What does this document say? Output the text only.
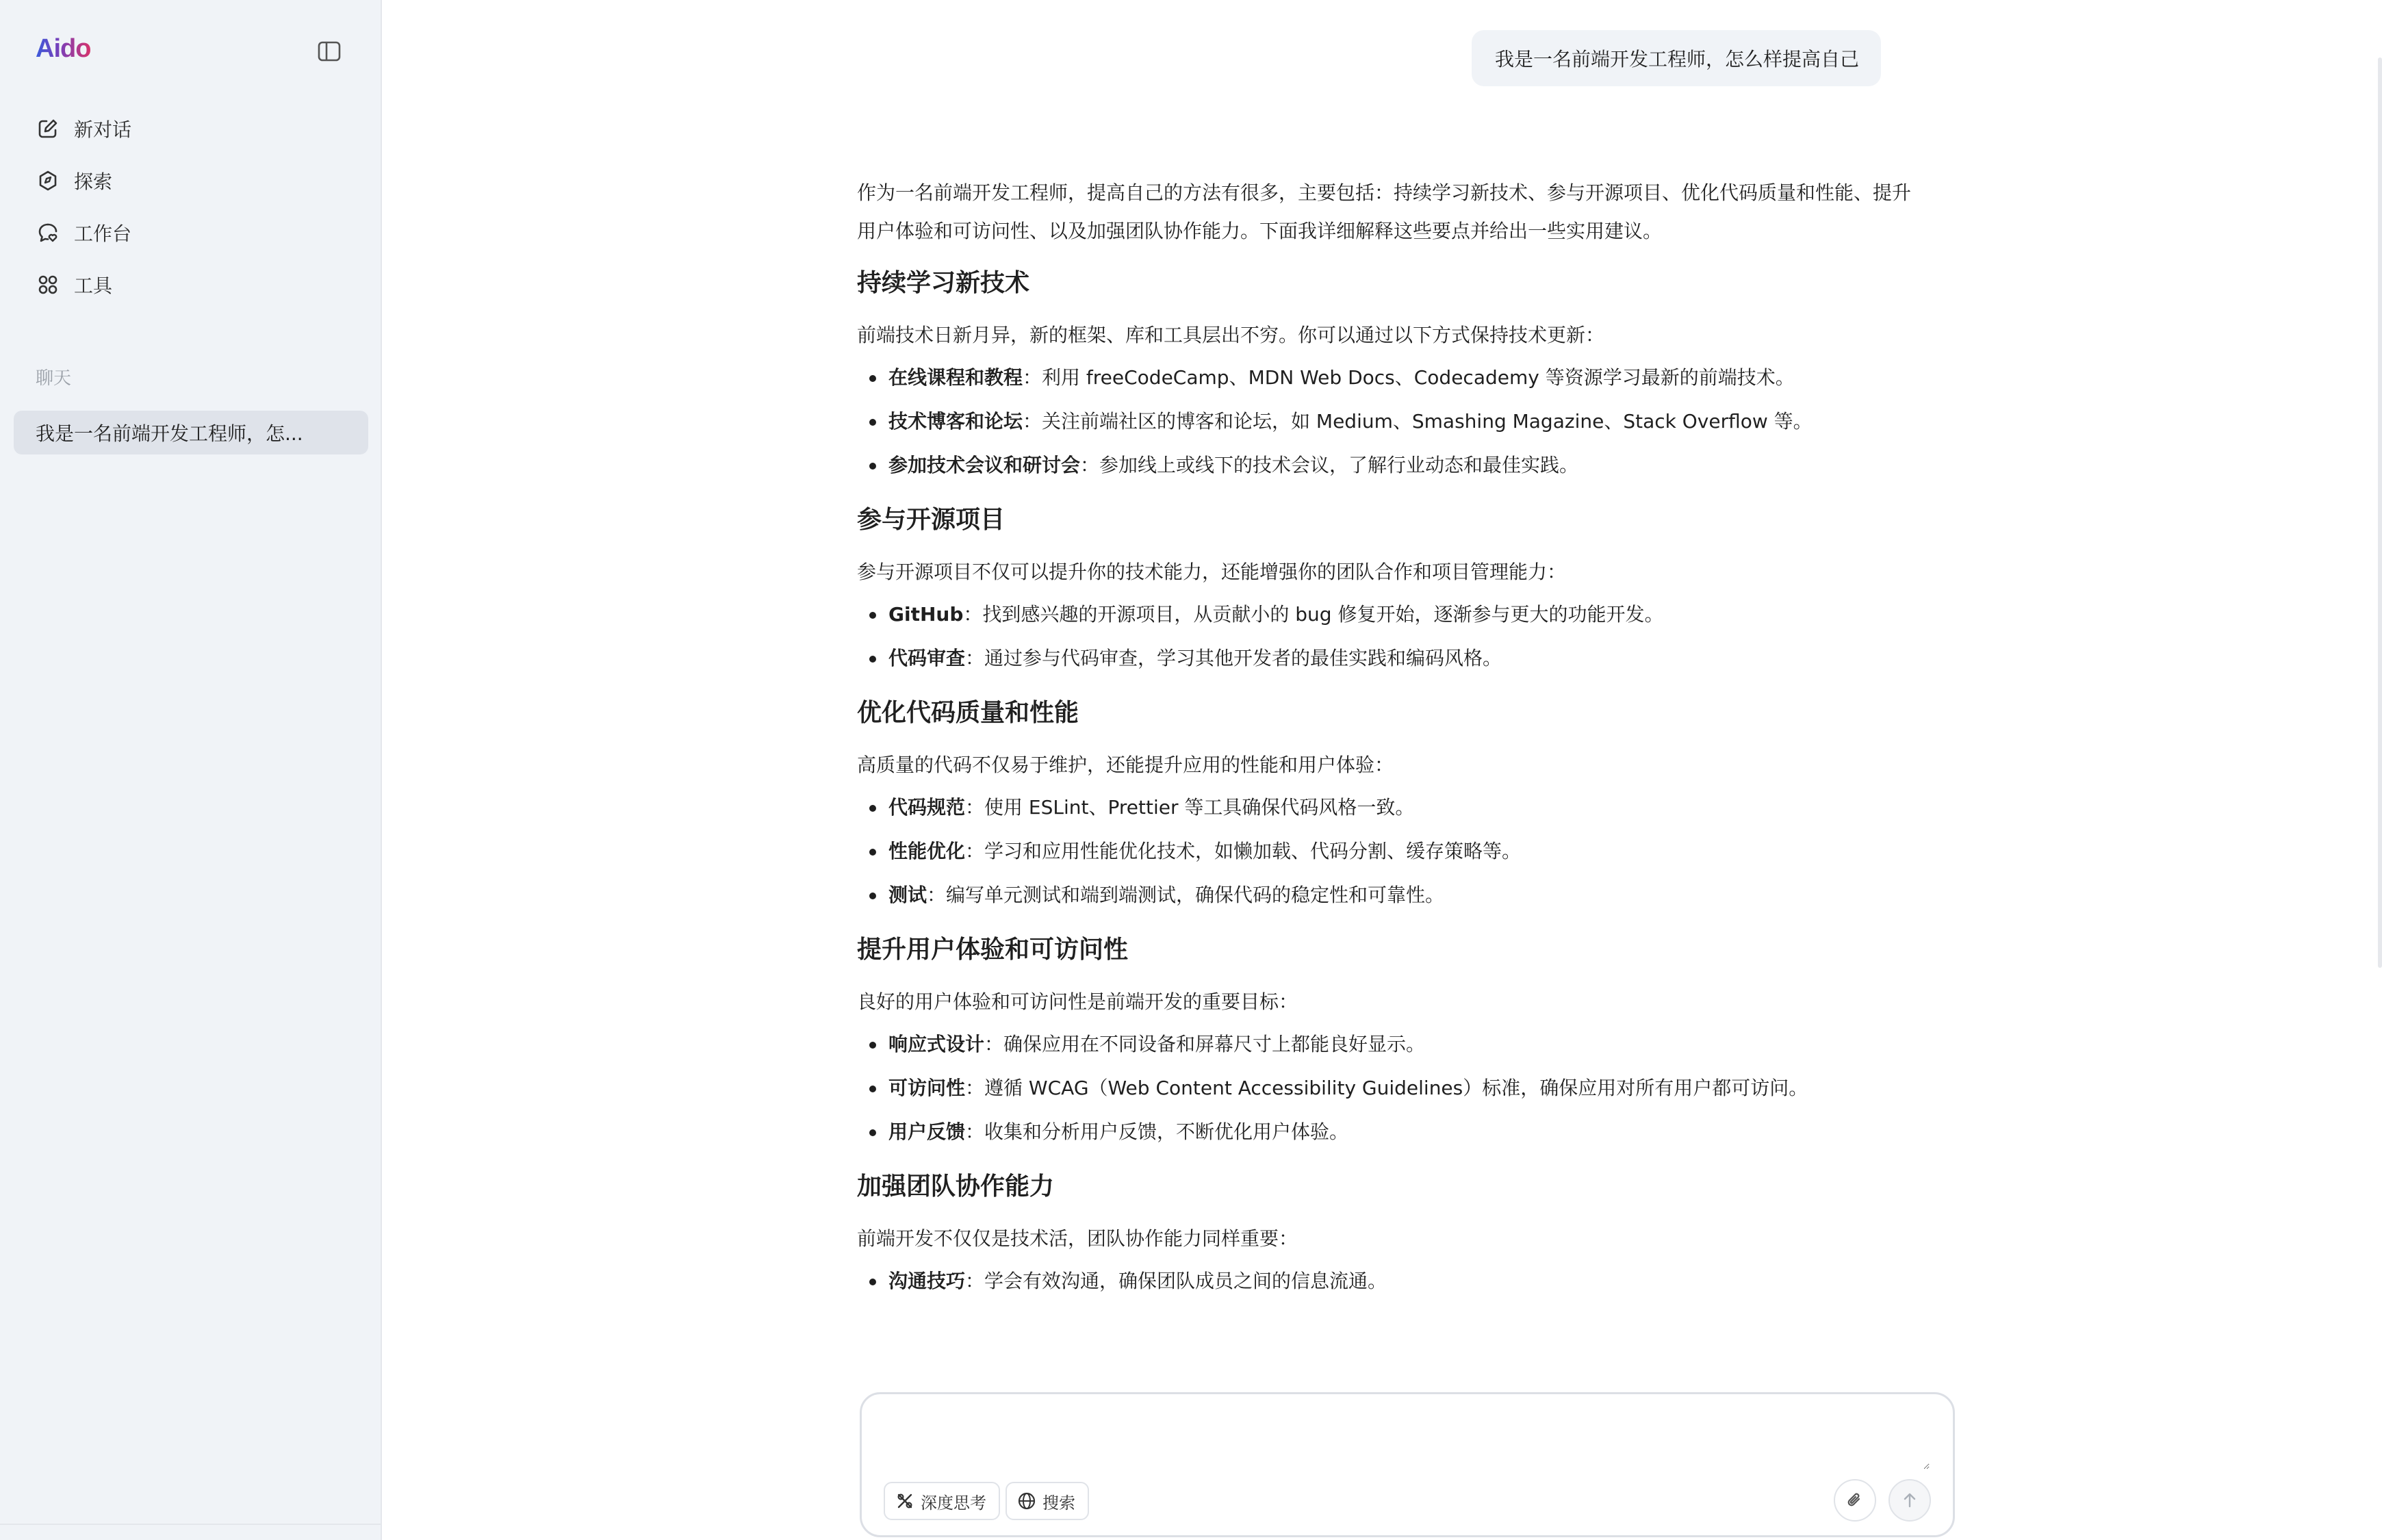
Aido
新对话
探索
工作台
工具
聊天
我是一名前端开发工程师，怎...
我是一名前端开发工程师，怎么样提高自己

作为一名前端开发工程师，提高自己的方法有很多，主要包括：持续学习新技术、参与开源项目、优化代码质量和性能、提升用户体验和可访问性、以及加强团队协作能力。下面我详细解释这些要点并给出一些实用建议。

持续学习新技术

前端技术日新月异，新的框架、库和工具层出不穷。你可以通过以下方式保持技术更新：

在线课程和教程：利用 freeCodeCamp、MDN Web Docs、Codecademy 等资源学习最新的前端技术。
技术博客和论坛：关注前端社区的博客和论坛，如 Medium、Smashing Magazine、Stack Overflow 等。
参加技术会议和研讨会：参加线上或线下的技术会议，了解行业动态和最佳实践。
参与开源项目

参与开源项目不仅可以提升你的技术能力，还能增强你的团队合作和项目管理能力：

GitHub：找到感兴趣的开源项目，从贡献小的 bug 修复开始，逐渐参与更大的功能开发。
代码审查：通过参与代码审查，学习其他开发者的最佳实践和编码风格。
优化代码质量和性能

高质量的代码不仅易于维护，还能提升应用的性能和用户体验：

代码规范：使用 ESLint、Prettier 等工具确保代码风格一致。
性能优化：学习和应用性能优化技术，如懒加载、代码分割、缓存策略等。
测试：编写单元测试和端到端测试，确保代码的稳定性和可靠性。
提升用户体验和可访问性

良好的用户体验和可访问性是前端开发的重要目标：

响应式设计：确保应用在不同设备和屏幕尺寸上都能良好显示。
可访问性：遵循 WCAG（Web Content Accessibility Guidelines）标准，确保应用对所有用户都可访问。
用户反馈：收集和分析用户反馈，不断优化用户体验。
加强团队协作能力

前端开发不仅仅是技术活，团队协作能力同样重要：

沟通技巧：学会有效沟通，确保团队成员之间的信息流通。
深度思考	搜索
